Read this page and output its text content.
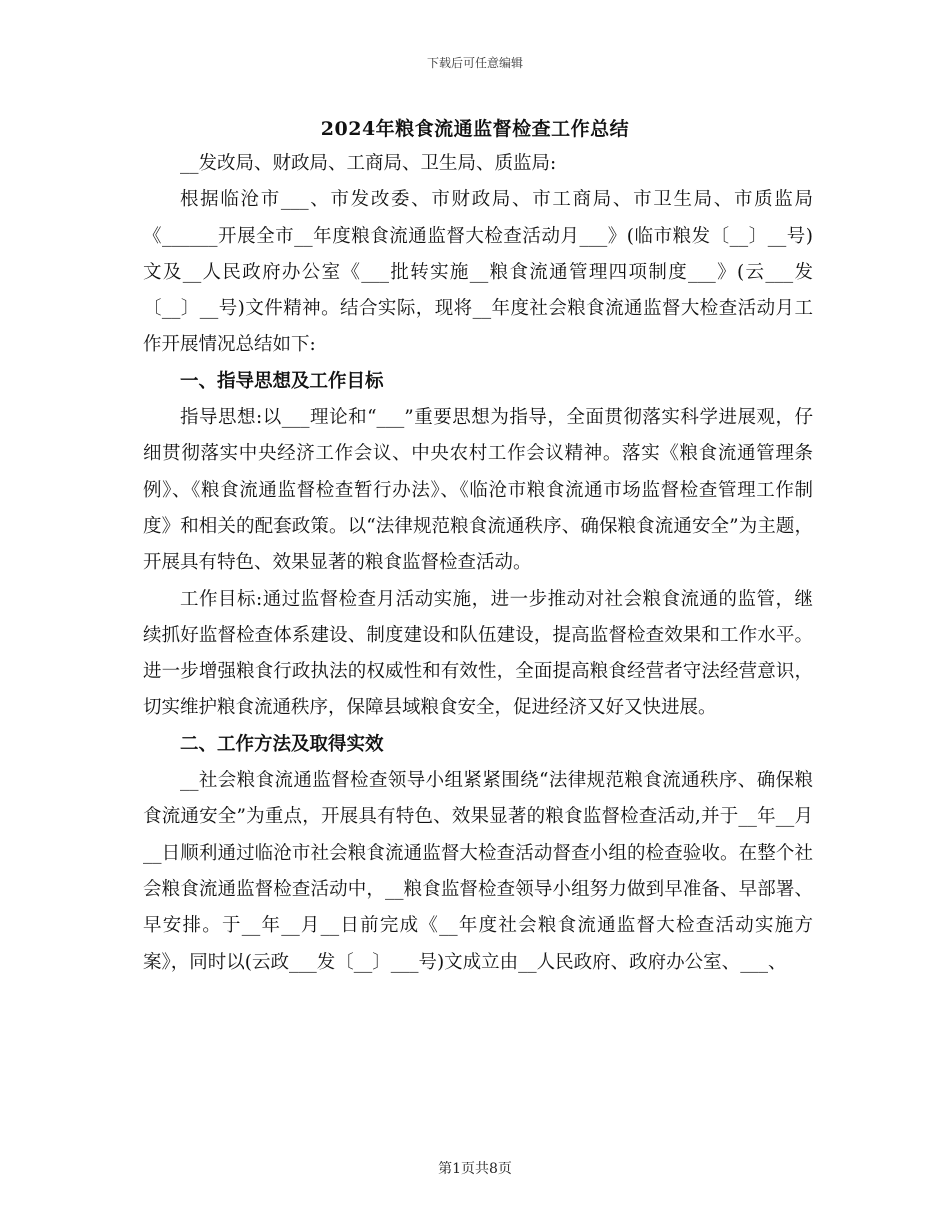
下载后可任意编辑
2024年粮食流通监督检查工作总结

__发改局、财政局、工商局、卫生局、质监局:

根据临沧市___、市发改委、市财政局、市工商局、市卫生局、市质监局《______开展全市__年度粮食流通监督大检查活动月___》(临市粮发〔__〕__号)文及__人民政府办公室《___批转实施__粮食流通管理四项制度___》(云___发〔__〕__号)文件精神。结合实际，现将__年度社会粮食流通监督大检查活动月工作开展情况总结如下:

一、指导思想及工作目标

指导思想:以___理论和“___”重要思想为指导，全面贯彻落实科学进展观，仔细贯彻落实中央经济工作会议、中央农村工作会议精神。落实《粮食流通管理条例》、《粮食流通监督检查暂行办法》、《临沧市粮食流通市场监督检查管理工作制度》和相关的配套政策。以“法律规范粮食流通秩序、确保粮食流通安全”为主题，开展具有特色、效果显著的粮食监督检查活动。

工作目标:通过监督检查月活动实施，进一步推动对社会粮食流通的监管，继续抓好监督检查体系建设、制度建设和队伍建设，提高监督检查效果和工作水平。进一步增强粮食行政执法的权威性和有效性，全面提高粮食经营者守法经营意识，切实维护粮食流通秩序，保障县域粮食安全，促进经济又好又快进展。

二、工作方法及取得实效

__社会粮食流通监督检查领导小组紧紧围绕“法律规范粮食流通秩序、确保粮食流通安全”为重点，开展具有特色、效果显著的粮食监督检查活动,并于__年__月__日顺利通过临沧市社会粮食流通监督大检查活动督查小组的检查验收。在整个社会粮食流通监督检查活动中，__粮食监督检查领导小组努力做到早准备、早部署、早安排。于__年__月__日前完成《__年度社会粮食流通监督大检查活动实施方案》，同时以(云政___发〔__〕___号)文成立由__人民政府、政府办公室、___、

第1页共8页
